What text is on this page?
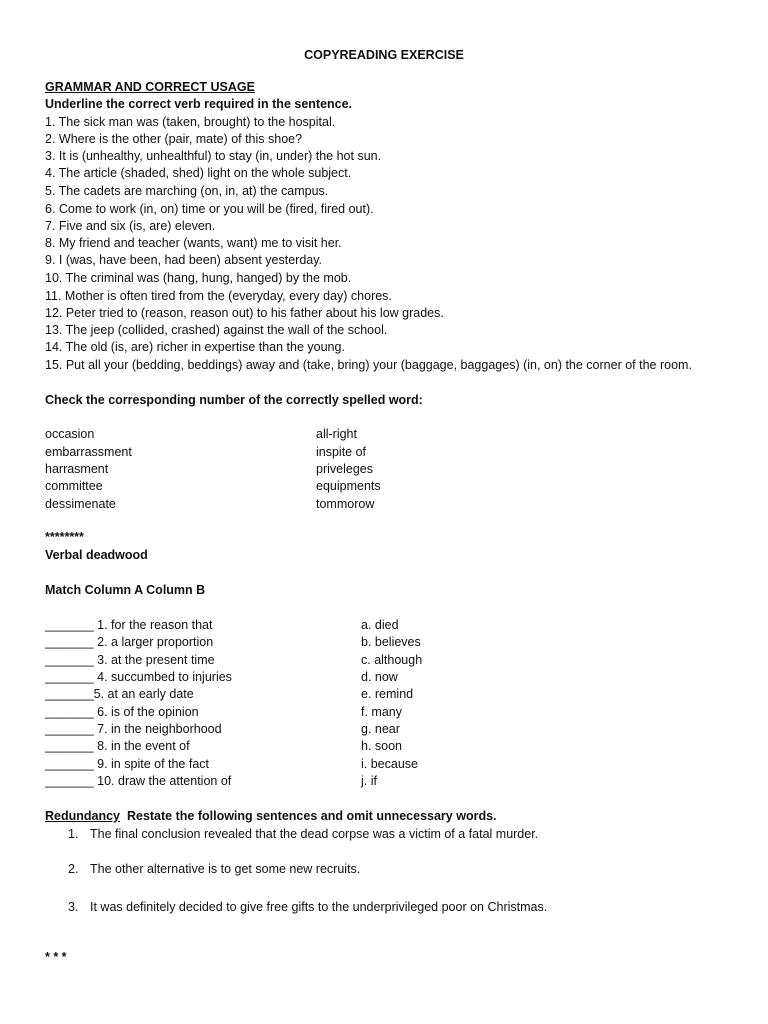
COPYREADING EXERCISE
GRAMMAR AND CORRECT USAGE
Underline the correct verb required in the sentence.
1. The sick man was (taken, brought) to the hospital.
2. Where is the other (pair, mate) of this shoe?
3. It is (unhealthy, unhealthful) to stay (in, under) the hot sun.
4. The article (shaded, shed) light on the whole subject.
5. The cadets are marching (on, in, at) the campus.
6. Come to work (in, on) time or you will be (fired, fired out).
7. Five and six (is, are) eleven.
8. My friend and teacher (wants, want) me to visit her.
9. I (was, have been, had been) absent yesterday.
10. The criminal was (hang, hung, hanged) by the mob.
11. Mother is often tired from the (everyday, every day) chores.
12. Peter tried to (reason, reason out) to his father about his low grades.
13. The jeep (collided, crashed) against the wall of the school.
14. The old (is, are) richer in expertise than the young.
15. Put all your (bedding, beddings) away and (take, bring) your (baggage, baggages) (in, on) the corner of the room.
Check the corresponding number of the correctly spelled word:
occasion
embarrassment
harrasment
committee
dessimenate
all-right
inspite of
priveleges
equipments
tommorow
********
Verbal deadwood
Match Column A Column B
_______ 1. for the reason that
_______ 2. a larger proportion
_______ 3. at the present time
_______ 4. succumbed to injuries
_______5. at an early date
_______ 6. is of the opinion
_______ 7. in the neighborhood
_______ 8. in the event of
_______ 9. in spite of the fact
_______ 10. draw the attention of
a. died
b. believes
c. although
d. now
e. remind
f. many
g. near
h. soon
i. because
j. if
Redundancy Restate the following sentences and omit unnecessary words.
1. The final conclusion revealed that the dead corpse was a victim of a fatal murder.
2. The other alternative is to get some new recruits.
3. It was definitely decided to give free gifts to the underprivileged poor on Christmas.
* * *
